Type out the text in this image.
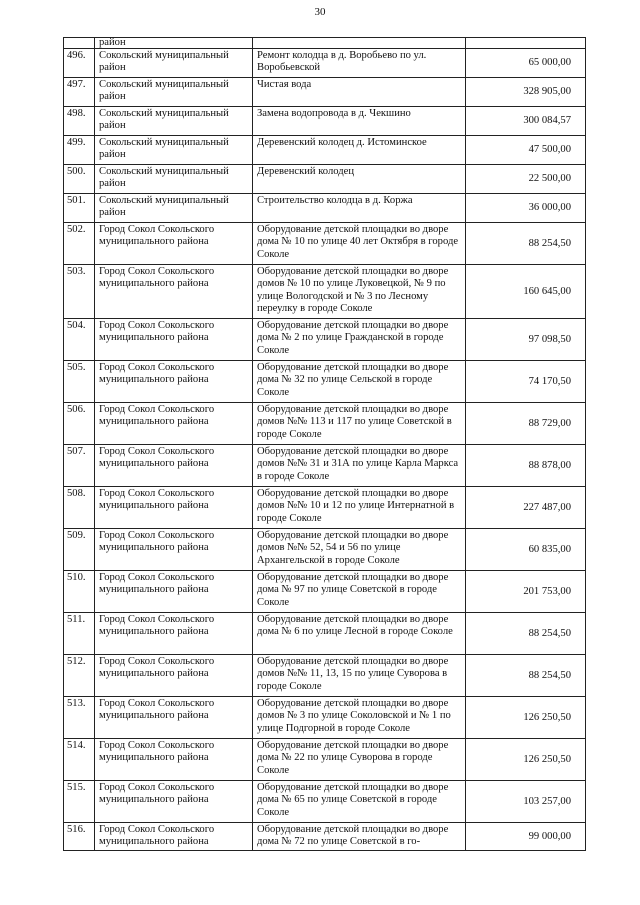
30
	район		
496.	Сокольский муниципальный район	Ремонт колодца в д. Воробьево по ул. Воробьевской	65 000,00
497.	Сокольский муниципальный район	Чистая вода	328 905,00
498.	Сокольский муниципальный район	Замена водопровода в д. Чекшино	300 084,57
499.	Сокольский муниципальный район	Деревенский колодец д. Истоминское	47 500,00
500.	Сокольский муниципальный район	Деревенский колодец	22 500,00
501.	Сокольский муниципальный район	Строительство колодца в д. Коржа	36 000,00
502.	Город Сокол Сокольского муниципального района	Оборудование детской площадки во дворе дома № 10 по улице 40 лет Октября в городе Соколе	88 254,50
503.	Город Сокол Сокольского муниципального района	Оборудование детской площадки во дворе домов № 10 по улице Луковецкой, № 9 по улице Вологодской и № 3 по Лесному переулку в городе Соколе	160 645,00
504.	Город Сокол Сокольского муниципального района	Оборудование детской площадки во дворе дома № 2 по улице Гражданской в городе Соколе	97 098,50
505.	Город Сокол Сокольского муниципального района	Оборудование детской площадки во дворе дома № 32 по улице Сельской в городе Соколе	74 170,50
506.	Город Сокол Сокольского муниципального района	Оборудование детской площадки во дворе домов №№ 113 и 117 по улице Советской в городе Соколе	88 729,00
507.	Город Сокол Сокольского муниципального района	Оборудование детской площадки во дворе домов №№ 31 и 31А по улице Карла Маркса в городе Соколе	88 878,00
508.	Город Сокол Сокольского муниципального района	Оборудование детской площадки во дворе домов №№ 10 и 12 по улице Интернатной в городе Соколе	227 487,00
509.	Город Сокол Сокольского муниципального района	Оборудование детской площадки во дворе домов №№ 52, 54 и 56 по улице Архангельской в городе Соколе	60 835,00
510.	Город Сокол Сокольского муниципального района	Оборудование детской площадки во дворе дома № 97 по улице Советской в городе Соколе	201 753,00
511.	Город Сокол Сокольского муниципального района	Оборудование детской площадки во дворе дома № 6 по улице Лесной в городе Соколе	88 254,50
512.	Город Сокол Сокольского муниципального района	Оборудование детской площадки во дворе домов №№ 11, 13, 15 по улице Суворова в городе Соколе	88 254,50
513.	Город Сокол Сокольского муниципального района	Оборудование детской площадки во дворе домов № 3 по улице Соколовской и № 1 по улице Подгорной в городе Соколе	126 250,50
514.	Город Сокол Сокольского муниципального района	Оборудование детской площадки во дворе дома № 22 по улице Суворова в городе Соколе	126 250,50
515.	Город Сокол Сокольского муниципального района	Оборудование детской площадки во дворе дома № 65 по улице Советской в городе Соколе	103 257,00
516.	Город Сокол Сокольского муниципального района	Оборудование детской площадки во дворе дома № 72 по улице Советской в го-	99 000,00
